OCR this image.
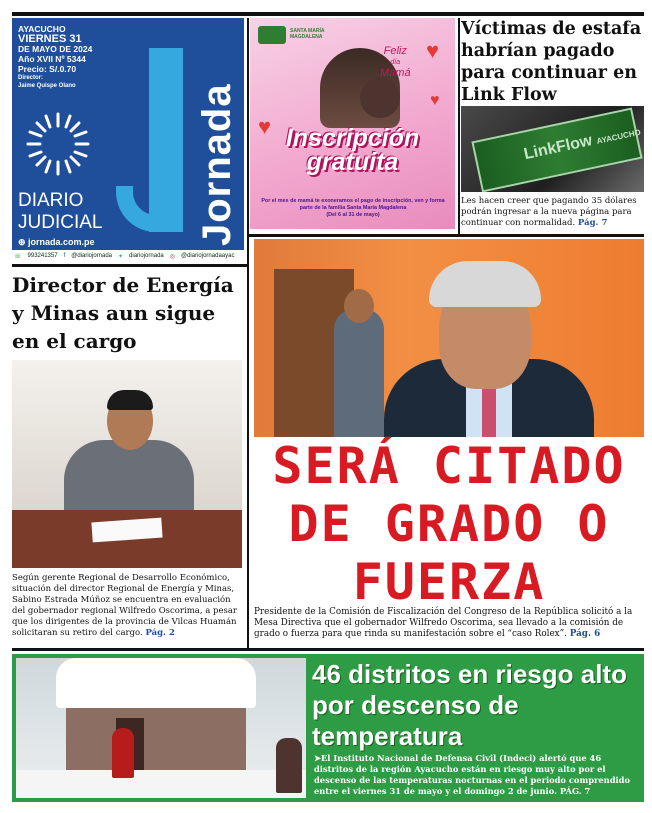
AYACUCHO
VIERNES 31
DE MAYO DE 2024
Año XVII Nº 5344
Precio: S/.0.70
Director:
Jaime Quispe Olano	Jornada
DIARIO
JUDICIAL
⊕ jornada.com.pe
☏ 993241357 f @diariojornada ✦ diariojornada ◎ @diariojornadaayac
SANTA MARÍA MAGDALENA
♥
♥
♥
Feliz
día
Mamá
Inscripción
gratuita
Por el mes de mamá te exoneramos el pago de inscripción, ven y forma parte de la familia Santa María Magdalena
(Del 6 al 31 de mayo)
Víctimas de estafa habrían pagado para continuar en Link Flow
LinkFlow AYACUCHO
Les hacen creer que pagando 35 dólares podrán ingresar a la nueva página para continuar con normalidad. Pág. 7
Director de Energía y Minas aun sigue en el cargo
Según gerente Regional de Desarrollo Económico, situación del director Regional de Energía y Minas, Sabino Estrada Múñoz se encuentra en evaluación del gobernador regional Wilfredo Oscorima, a pesar que los dirigentes de la provincia de Vilcas Huamán solicitaran su retiro del cargo. Pág. 2
SERÁ CITADO
DE GRADO O
FUERZA
Presidente de la Comisión de Fiscalización del Congreso de la República solicitó a la Mesa Directiva que el gobernador Wilfredo Oscorima, sea llevado a la comisión de grado o fuerza para que rinda su manifestación sobre el “caso Rolex”. Pág. 6
46 distritos en riesgo alto por descenso de temperatura
➤El Instituto Nacional de Defensa Civil (Indeci) alertó que 46 distritos de la región Ayacucho están en riesgo muy alto por el descenso de las temperaturas nocturnas en el periodo comprendido entre el viernes 31 de mayo y el domingo 2 de junio. PÁG. 7
